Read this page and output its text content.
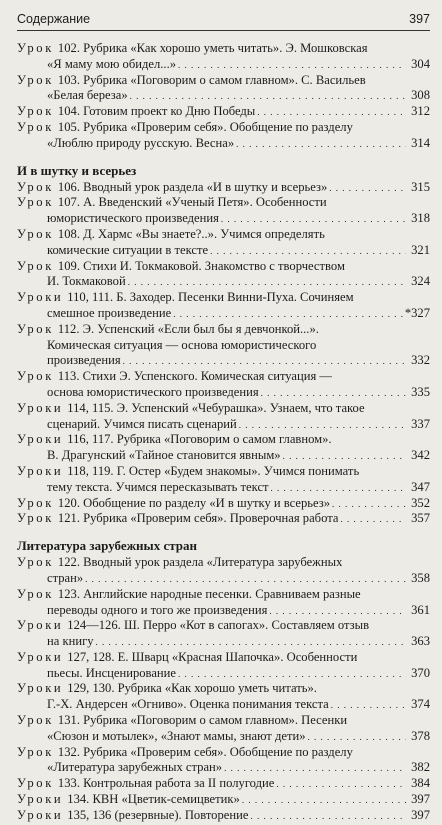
Содержание	397
Урок 102. Рубрика «Как хорошо уметь читать». Э. Мошковская
«Я маму мою обидел...» . . .	304
Урок 103. Рубрика «Поговорим о самом главном». С. Васильев
«Белая береза» . . .	308
Урок 104. Готовим проект ко Дню Победы . . .	312
Урок 105. Рубрика «Проверим себя». Обобщение по разделу
«Люблю природу русскую. Весна» . . .	314
И в шутку и всерьез
Урок 106. Вводный урок раздела «И в шутку и всерьез» . . .	315
Урок 107. А. Введенский «Ученый Петя». Особенности
юмористического произведения . . .	318
Урок 108. Д. Хармс «Вы знаете?..». Учимся определять
комические ситуации в тексте . . .	321
Урок 109. Стихи И. Токмаковой. Знакомство с творчеством
И. Токмаковой . . .	324
Уроки 110, 111. Б. Заходер. Песенки Винни-Пуха. Сочиняем
смешное произведение . . .	*327
Урок 112. Э. Успенский «Если был бы я девчонкой...».
Комическая ситуация — основа юмористического
произведения . . .	332
Урок 113. Стихи Э. Успенского. Комическая ситуация —
основа юмористического произведения . . .	335
Уроки 114, 115. Э. Успенский «Чебурашка». Узнаем, что такое
сценарий. Учимся писать сценарий . . .	337
Уроки 116, 117. Рубрика «Поговорим о самом главном».
В. Драгунский «Тайное становится явным» . . .	342
Уроки 118, 119. Г. Остер «Будем знакомы». Учимся понимать
тему текста. Учимся пересказывать текст . . .	347
Урок 120. Обобщение по разделу «И в шутку и всерьез» . . .	352
Урок 121. Рубрика «Проверим себя». Проверочная работа . . .	357
Литература зарубежных стран
Урок 122. Вводный урок раздела «Литература зарубежных
стран» . . .	358
Урок 123. Английские народные песенки. Сравниваем разные
переводы одного и того же произведения . . .	361
Уроки 124—126. Ш. Перро «Кот в сапогах». Составляем отзыв
на книгу . . .	363
Уроки 127, 128. Е. Шварц «Красная Шапочка». Особенности
пьесы. Инсценирование . . .	370
Уроки 129, 130. Рубрика «Как хорошо уметь читать».
Г.-Х. Андерсен «Огниво». Оценка понимания текста . . .	374
Урок 131. Рубрика «Поговорим о самом главном». Песенки
«Сюзон и мотылек», «Знают мамы, знают дети» . . .	378
Урок 132. Рубрика «Проверим себя». Обобщение по разделу
«Литература зарубежных стран» . . .	382
Урок 133. Контрольная работа за II полугодие . . .	384
Уроки 134. КВН «Цветик-семицветик» . . .	397
Уроки 135, 136 (резервные). Повторение . . .	397
